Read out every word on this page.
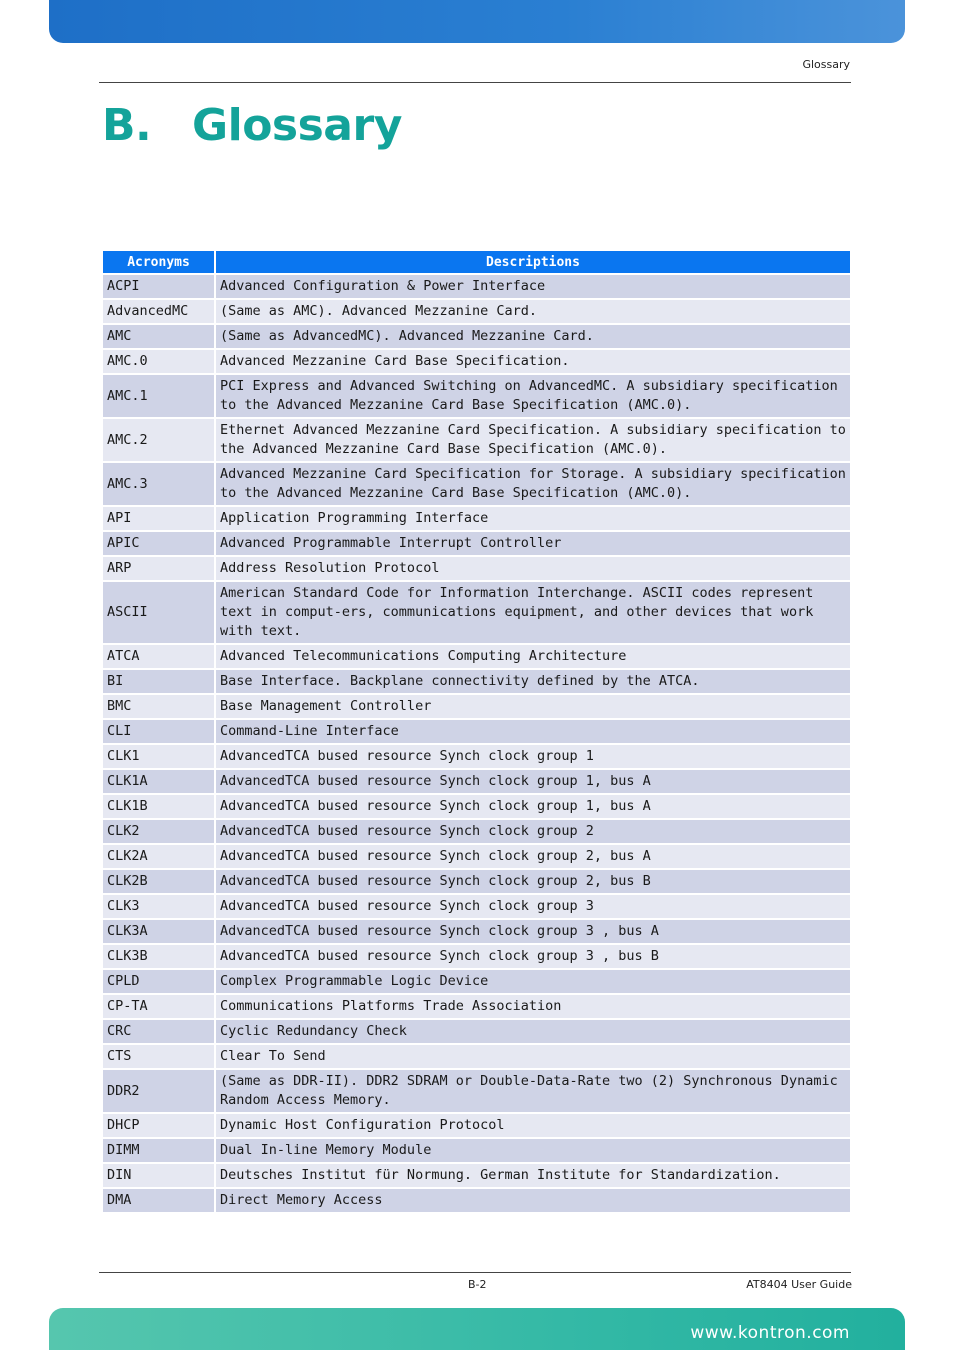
Glossary
B. Glossary
Acronyms	Descriptions
ACPI	Advanced Configuration & Power Interface
AdvancedMC	(Same as AMC). Advanced Mezzanine Card.
AMC	(Same as AdvancedMC). Advanced Mezzanine Card.
AMC.0	Advanced Mezzanine Card Base Specification.
AMC.1	PCI Express and Advanced Switching on AdvancedMC. A subsidiary specification to the Advanced Mezzanine Card Base Specification (AMC.0).
AMC.2	Ethernet Advanced Mezzanine Card Specification. A subsidiary specification to the Advanced Mezzanine Card Base Specification (AMC.0).
AMC.3	Advanced Mezzanine Card Specification for Storage. A subsidiary specification to the Advanced Mezzanine Card Base Specification (AMC.0).
API	Application Programming Interface
APIC	Advanced Programmable Interrupt Controller
ARP	Address Resolution Protocol
ASCII	American Standard Code for Information Interchange. ASCII codes represent text in comput-ers, communications equipment, and other devices that work with text.
ATCA	Advanced Telecommunications Computing Architecture
BI	Base Interface. Backplane connectivity defined by the ATCA.
BMC	Base Management Controller
CLI	Command-Line Interface
CLK1	AdvancedTCA bused resource Synch clock group 1
CLK1A	AdvancedTCA bused resource Synch clock group 1, bus A
CLK1B	AdvancedTCA bused resource Synch clock group 1, bus A
CLK2	AdvancedTCA bused resource Synch clock group 2
CLK2A	AdvancedTCA bused resource Synch clock group 2, bus A
CLK2B	AdvancedTCA bused resource Synch clock group 2, bus B
CLK3	AdvancedTCA bused resource Synch clock group 3
CLK3A	AdvancedTCA bused resource Synch clock group 3 , bus A
CLK3B	AdvancedTCA bused resource Synch clock group 3 , bus B
CPLD	Complex Programmable Logic Device
CP-TA	Communications Platforms Trade Association
CRC	Cyclic Redundancy Check
CTS	Clear To Send
DDR2	(Same as DDR-II). DDR2 SDRAM or Double-Data-Rate two (2) Synchronous Dynamic Random Access Memory.
DHCP	Dynamic Host Configuration Protocol
DIMM	Dual In-line Memory Module
DIN	Deutsches Institut für Normung. German Institute for Standardization.
DMA	Direct Memory Access
B-2	AT8404 User Guide
www.kontron.com
